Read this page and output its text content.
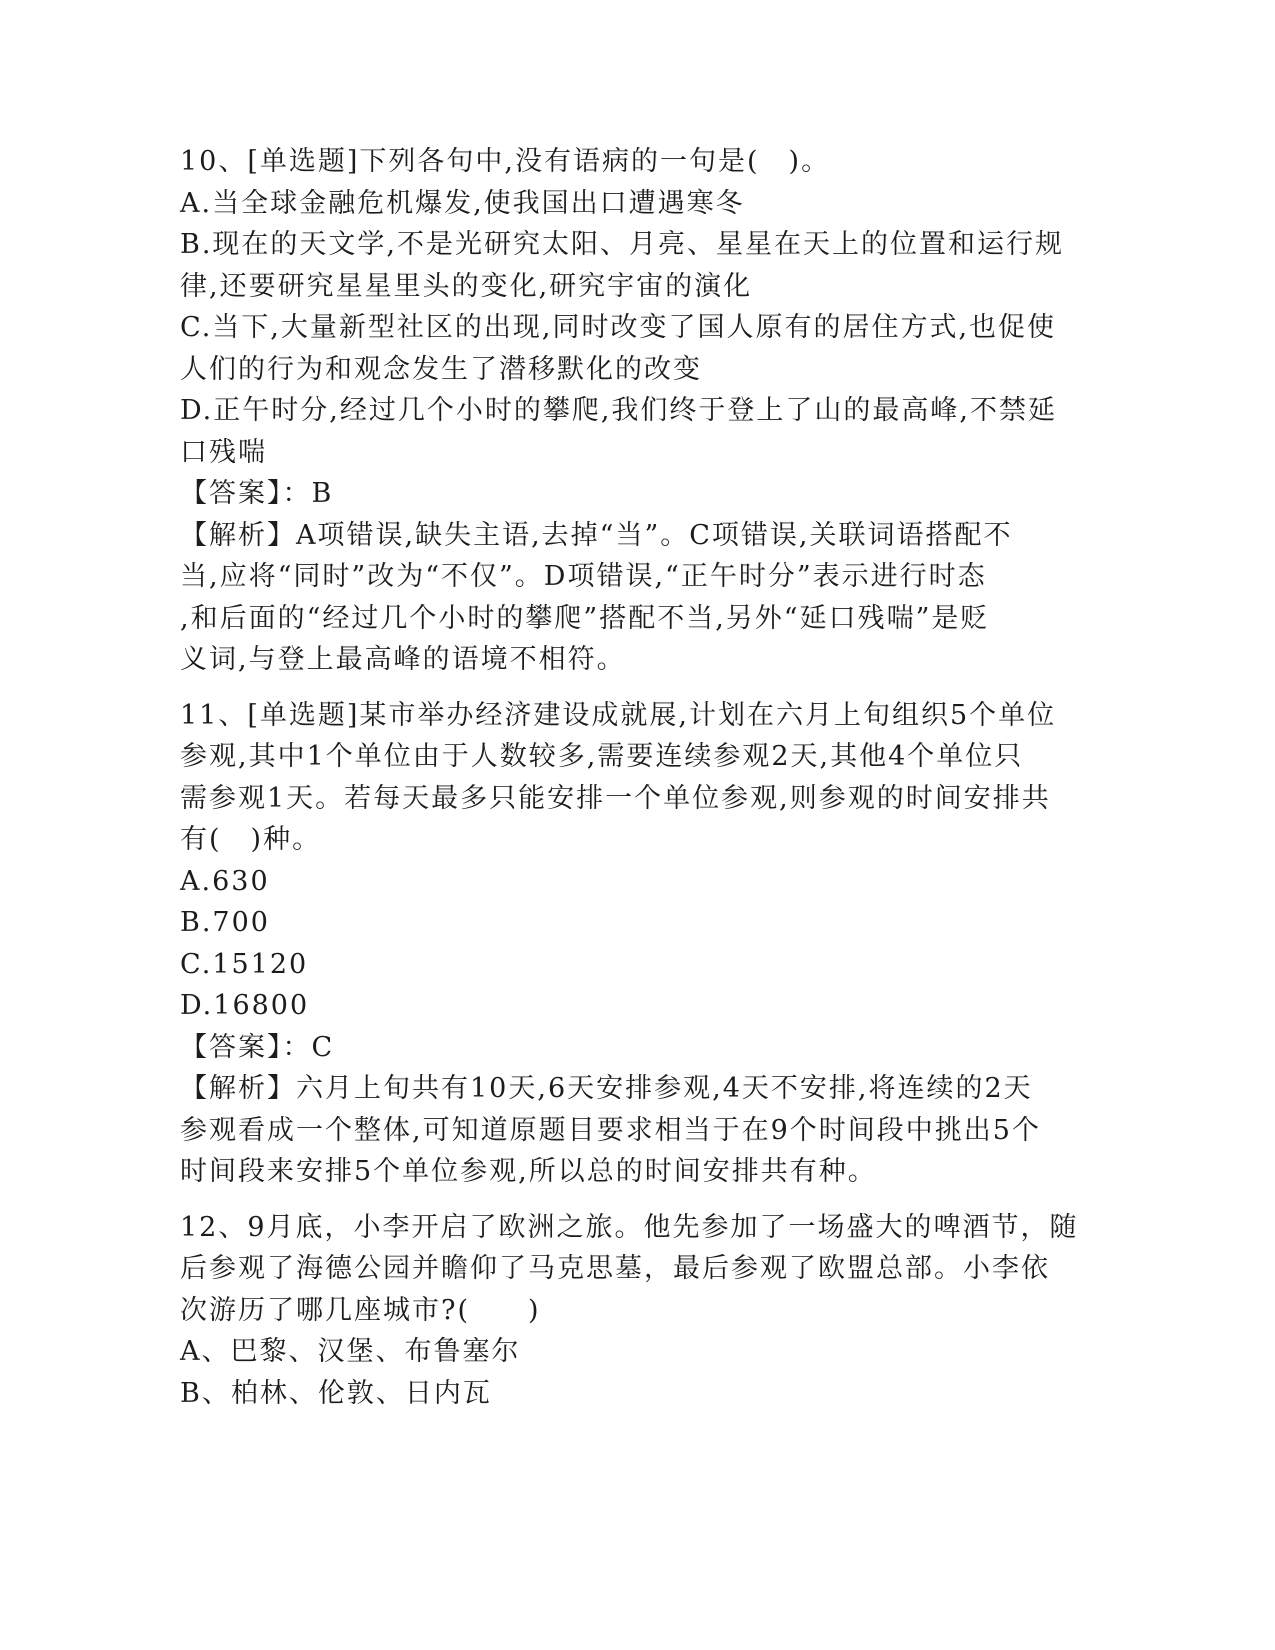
10、[单选题]下列各句中,没有语病的一句是(　)。
A.当全球金融危机爆发,使我国出口遭遇寒冬
B.现在的天文学,不是光研究太阳、月亮、星星在天上的位置和运行规
律,还要研究星星里头的变化,研究宇宙的演化
C.当下,大量新型社区的出现,同时改变了国人原有的居住方式,也促使
人们的行为和观念发生了潜移默化的改变
D.正午时分,经过几个小时的攀爬,我们终于登上了山的最高峰,不禁延
口残喘
【答案】：B
【解析】A项错误,缺失主语,去掉“当”。C项错误,关联词语搭配不
当,应将“同时”改为“不仅”。D项错误,“正午时分”表示进行时态
,和后面的“经过几个小时的攀爬”搭配不当,另外“延口残喘”是贬
义词,与登上最高峰的语境不相符。
11、[单选题]某市举办经济建设成就展,计划在六月上旬组织5个单位
参观,其中1个单位由于人数较多,需要连续参观2天,其他4个单位只
需参观1天。若每天最多只能安排一个单位参观,则参观的时间安排共
有(　)种。
A.630
B.700
C.15120
D.16800
【答案】：C
【解析】六月上旬共有10天,6天安排参观,4天不安排,将连续的2天
参观看成一个整体,可知道原题目要求相当于在9个时间段中挑出5个
时间段来安排5个单位参观,所以总的时间安排共有种。
12、9月底，小李开启了欧洲之旅。他先参加了一场盛大的啤酒节，随
后参观了海德公园并瞻仰了马克思墓，最后参观了欧盟总部。小李依
次游历了哪几座城市?(　　)
A、巴黎、汉堡、布鲁塞尔
B、柏林、伦敦、日内瓦
